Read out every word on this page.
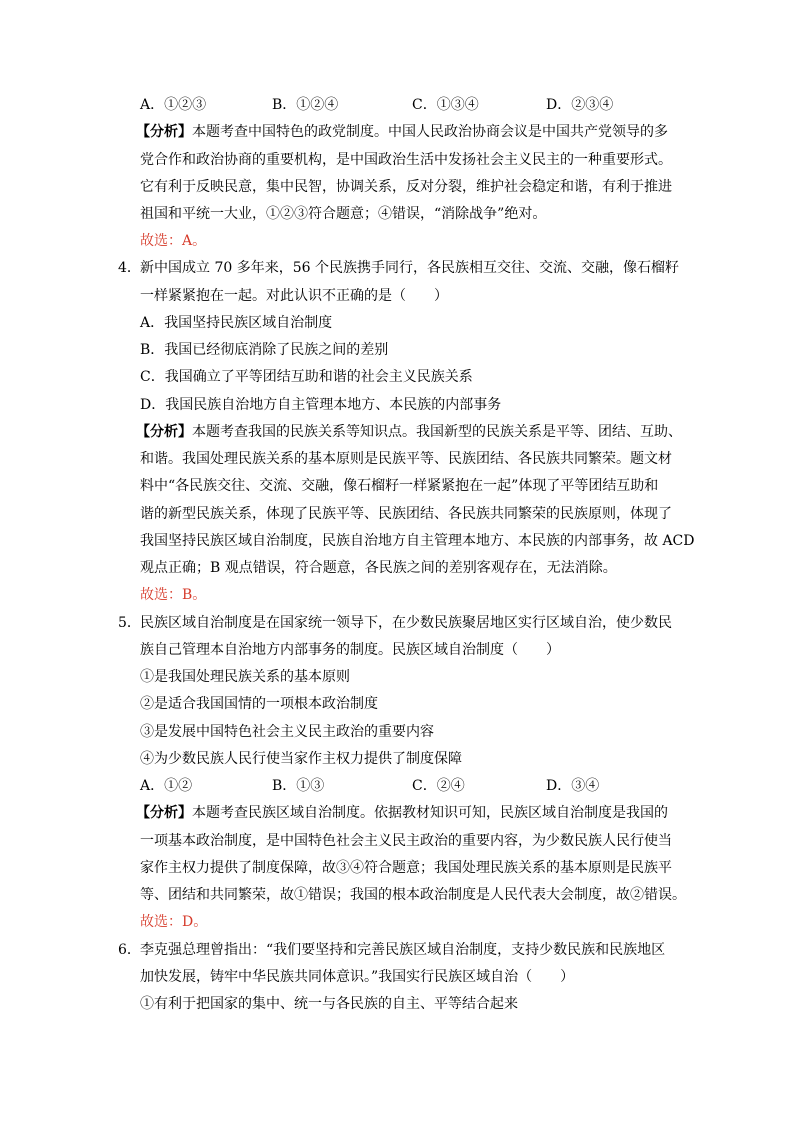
A．①②③	B．①②④	C．①③④	D．②③④
【分析】本题考查中国特色的政党制度。中国人民政治协商会议是中国共产党领导的多
党合作和政治协商的重要机构，是中国政治生活中发扬社会主义民主的一种重要形式。
它有利于反映民意，集中民智，协调关系，反对分裂，维护社会稳定和谐，有利于推进
祖国和平统一大业，①②③符合题意；④错误，“消除战争”绝对。
故选：A。
4． 新中国成立 70 多年来，56 个民族携手同行，各民族相互交往、交流、交融，像石榴籽
一样紧紧抱在一起。对此认识不正确的是（　　）
A．我国坚持民族区域自治制度
B．我国已经彻底消除了民族之间的差别
C．我国确立了平等团结互助和谐的社会主义民族关系
D．我国民族自治地方自主管理本地方、本民族的内部事务
【分析】本题考查我国的民族关系等知识点。我国新型的民族关系是平等、团结、互助、
和谐。我国处理民族关系的基本原则是民族平等、民族团结、各民族共同繁荣。题文材
料中“各民族交往、交流、交融，像石榴籽一样紧紧抱在一起”体现了平等团结互助和
谐的新型民族关系，体现了民族平等、民族团结、各民族共同繁荣的民族原则，体现了
我国坚持民族区域自治制度，民族自治地方自主管理本地方、本民族的内部事务，故 ACD
观点正确；B 观点错误，符合题意，各民族之间的差别客观存在，无法消除。
故选：B。
5． 民族区域自治制度是在国家统一领导下，在少数民族聚居地区实行区域自治，使少数民
族自己管理本自治地方内部事务的制度。民族区域自治制度（　　）
①是我国处理民族关系的基本原则
②是适合我国国情的一项根本政治制度
③是发展中国特色社会主义民主政治的重要内容
④为少数民族人民行使当家作主权力提供了制度保障
A．①②	B．①③	C．②④	D．③④
【分析】本题考查民族区域自治制度。依据教材知识可知，民族区域自治制度是我国的
一项基本政治制度，是中国特色社会主义民主政治的重要内容，为少数民族人民行使当
家作主权力提供了制度保障，故③④符合题意；我国处理民族关系的基本原则是民族平
等、团结和共同繁荣，故①错误；我国的根本政治制度是人民代表大会制度，故②错误。
故选：D。
6． 李克强总理曾指出：“我们要坚持和完善民族区域自治制度，支持少数民族和民族地区
加快发展，铸牢中华民族共同体意识。”我国实行民族区域自治（　　）
①有利于把国家的集中、统一与各民族的自主、平等结合起来
